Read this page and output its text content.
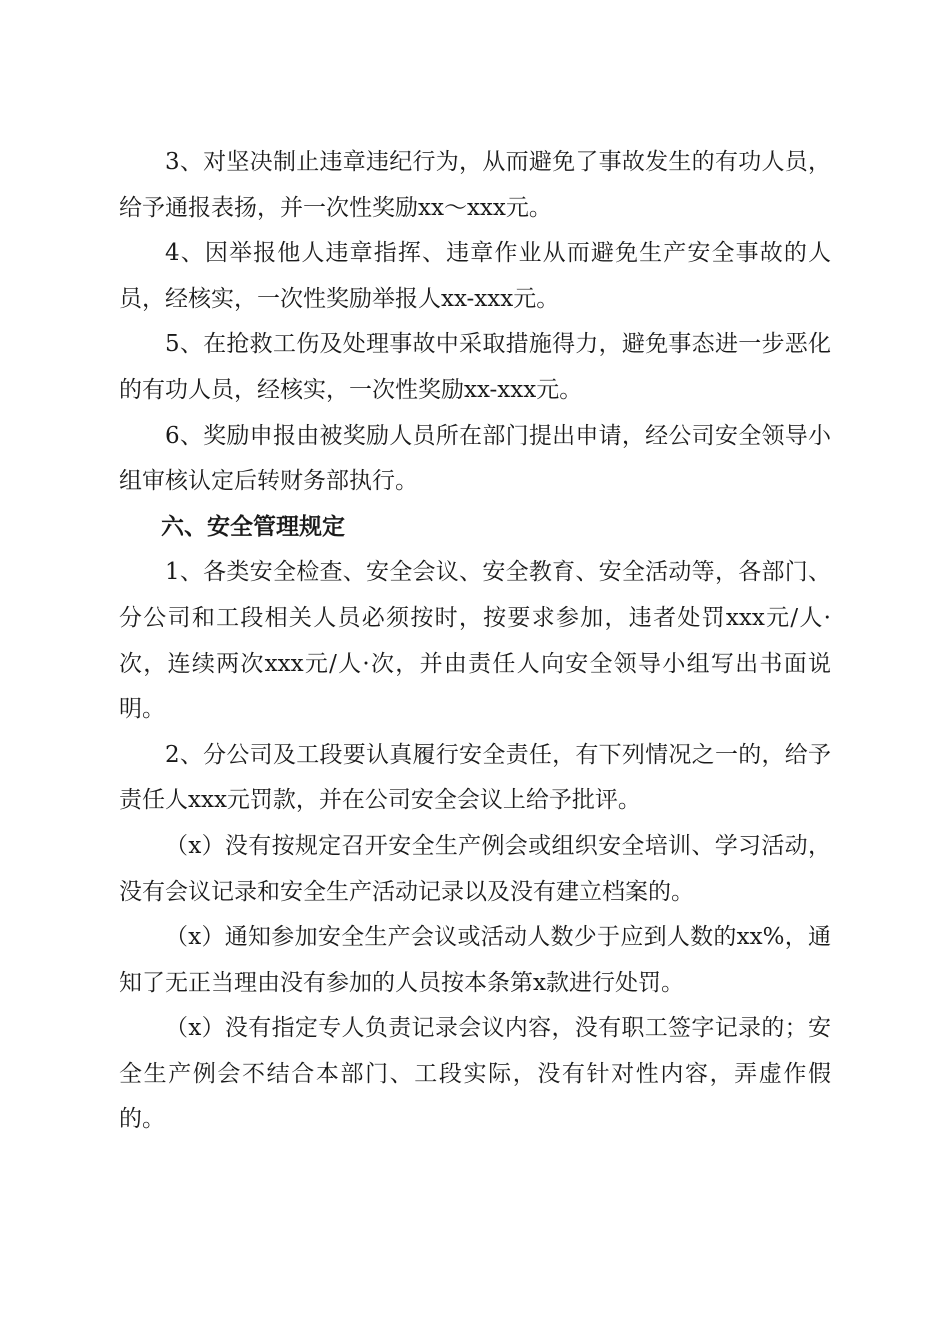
3、对坚决制止违章违纪行为，从而避免了事故发生的有功人员，给予通报表扬，并一次性奖励xx～xxx元。

4、因举报他人违章指挥、违章作业从而避免生产安全事故的人员，经核实，一次性奖励举报人xx-xxx元。

5、在抢救工伤及处理事故中采取措施得力，避免事态进一步恶化的有功人员，经核实，一次性奖励xx-xxx元。

6、奖励申报由被奖励人员所在部门提出申请，经公司安全领导小组审核认定后转财务部执行。

六、安全管理规定

1、各类安全检查、安全会议、安全教育、安全活动等，各部门、分公司和工段相关人员必须按时，按要求参加，违者处罚xxx元/人·次，连续两次xxx元/人·次，并由责任人向安全领导小组写出书面说明。

2、分公司及工段要认真履行安全责任，有下列情况之一的，给予责任人xxx元罚款，并在公司安全会议上给予批评。

（x）没有按规定召开安全生产例会或组织安全培训、学习活动，没有会议记录和安全生产活动记录以及没有建立档案的。

（x）通知参加安全生产会议或活动人数少于应到人数的xx%，通知了无正当理由没有参加的人员按本条第x款进行处罚。

（x）没有指定专人负责记录会议内容，没有职工签字记录的；安全生产例会不结合本部门、工段实际，没有针对性内容，弄虚作假的。
